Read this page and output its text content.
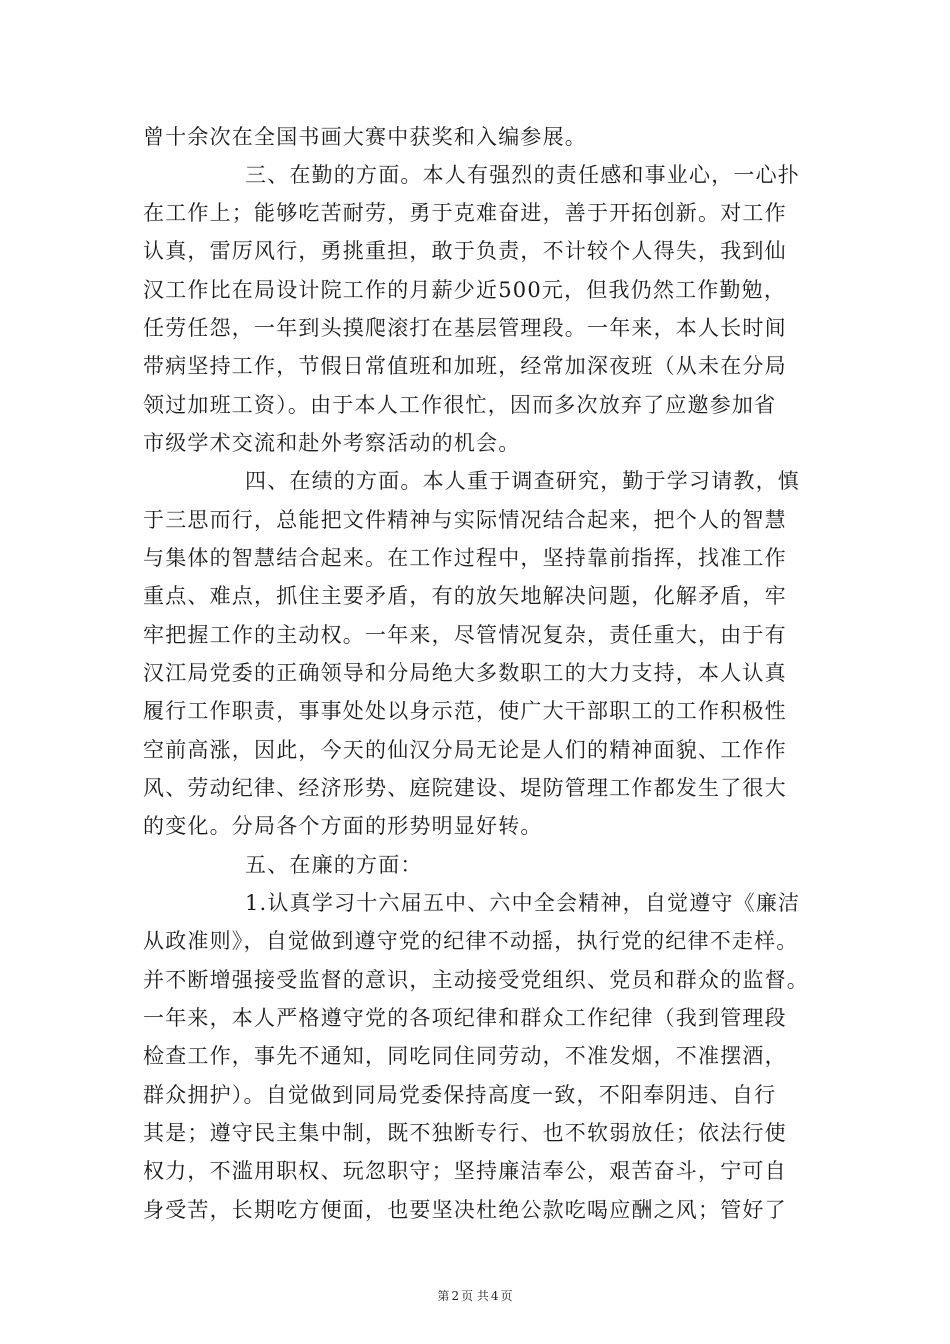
曾十余次在全国书画大赛中获奖和入编参展。
三、在勤的方面。本人有强烈的责任感和事业心，一心扑
在工作上；能够吃苦耐劳，勇于克难奋进，善于开拓创新。对工作
认真，雷厉风行，勇挑重担，敢于负责，不计较个人得失，我到仙
汉工作比在局设计院工作的月薪少近500元，但我仍然工作勤勉，
任劳任怨，一年到头摸爬滚打在基层管理段。一年来，本人长时间
带病坚持工作，节假日常值班和加班，经常加深夜班（从未在分局
领过加班工资）。由于本人工作很忙，因而多次放弃了应邀参加省
市级学术交流和赴外考察活动的机会。
四、在绩的方面。本人重于调查研究，勤于学习请教，慎
于三思而行，总能把文件精神与实际情况结合起来，把个人的智慧
与集体的智慧结合起来。在工作过程中，坚持靠前指挥，找准工作
重点、难点，抓住主要矛盾，有的放矢地解决问题，化解矛盾，牢
牢把握工作的主动权。一年来，尽管情况复杂，责任重大，由于有
汉江局党委的正确领导和分局绝大多数职工的大力支持，本人认真
履行工作职责，事事处处以身示范，使广大干部职工的工作积极性
空前高涨，因此，今天的仙汉分局无论是人们的精神面貌、工作作
风、劳动纪律、经济形势、庭院建设、堤防管理工作都发生了很大
的变化。分局各个方面的形势明显好转。
五、在廉的方面：
1.认真学习十六届五中、六中全会精神，自觉遵守《廉洁
从政准则》，自觉做到遵守党的纪律不动摇，执行党的纪律不走样。
并不断增强接受监督的意识，主动接受党组织、党员和群众的监督。
一年来，本人严格遵守党的各项纪律和群众工作纪律（我到管理段
检查工作，事先不通知，同吃同住同劳动，不准发烟，不准摆酒，
群众拥护）。自觉做到同局党委保持高度一致，不阳奉阴违、自行
其是；遵守民主集中制，既不独断专行、也不软弱放任；依法行使
权力，不滥用职权、玩忽职守；坚持廉洁奉公，艰苦奋斗，宁可自
身受苦，长期吃方便面，也要坚决杜绝公款吃喝应酬之风；管好了
第 2 页 共 4 页
